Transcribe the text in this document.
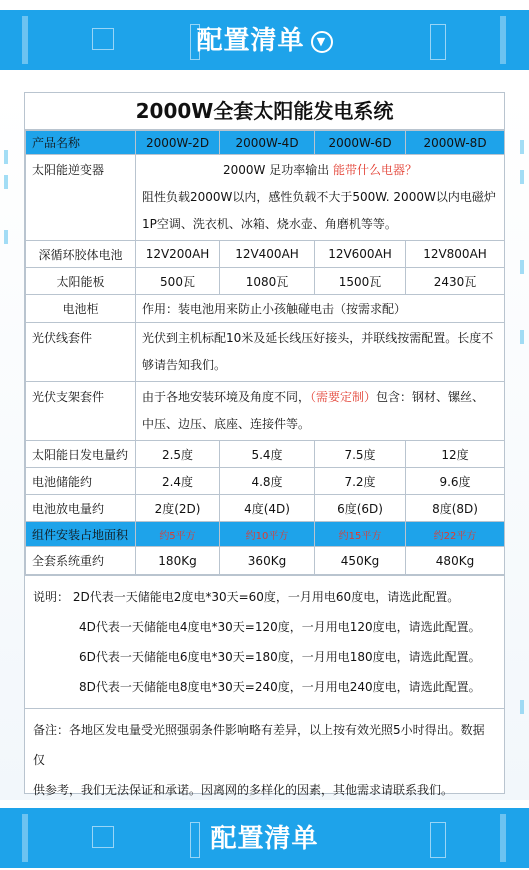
配置清单 ▼
2000W全套太阳能发电系统
产品名称	2000W-2D	2000W-4D	2000W-6D	2000W-8D
太阳能逆变器	2000W 足功率输出 能带什么电器？
阻性负载2000W以内，感性负载不大于500W. 2000W以内电磁炉
1P空调、洗衣机、冰箱、烧水壶、角磨机等等。			

深循环胶体电池	12V200AH	12V400AH	12V600AH	12V800AH
太阳能板	500瓦	1080瓦	1500瓦	2430瓦
电池柜	作用：装电池用来防止小孩触碰电击（按需求配）			
光伏线套件	光伏到主机标配10米及延长线压好接头，并联线按需配置。长度不
够请告知我们。			

光伏支架套件	由于各地安装环境及角度不同，（需要定制）包含：钢材、镙丝、
中压、边压、底座、连接件等。			

太阳能日发电量约	2.5度	5.4度	7.5度	12度
电池储能约	2.4度	4.8度	7.2度	9.6度
电池放电量约	2度(2D)	4度(4D)	6度(6D)	8度(8D)
组件安装占地面积	约5平方	约10平方	约15平方	约22平方
全套系统重约	180Kg	360Kg	450Kg	480Kg
说明： 2D代表一天储能电2度电*30天=60度，一月用电60度电，请选此配置。
4D代表一天储能电4度电*30天=120度，一月用电120度电，请选此配置。
6D代表一天储能电6度电*30天=180度，一月用电180度电，请选此配置。
8D代表一天储能电8度电*30天=240度，一月用电240度电，请选此配置。
备注：各地区发电量受光照强弱条件影响略有差异，以上按有效光照5小时得出。数据仅
供参考，我们无法保证和承诺。因离网的多样化的因素，其他需求请联系我们。
配置清单
